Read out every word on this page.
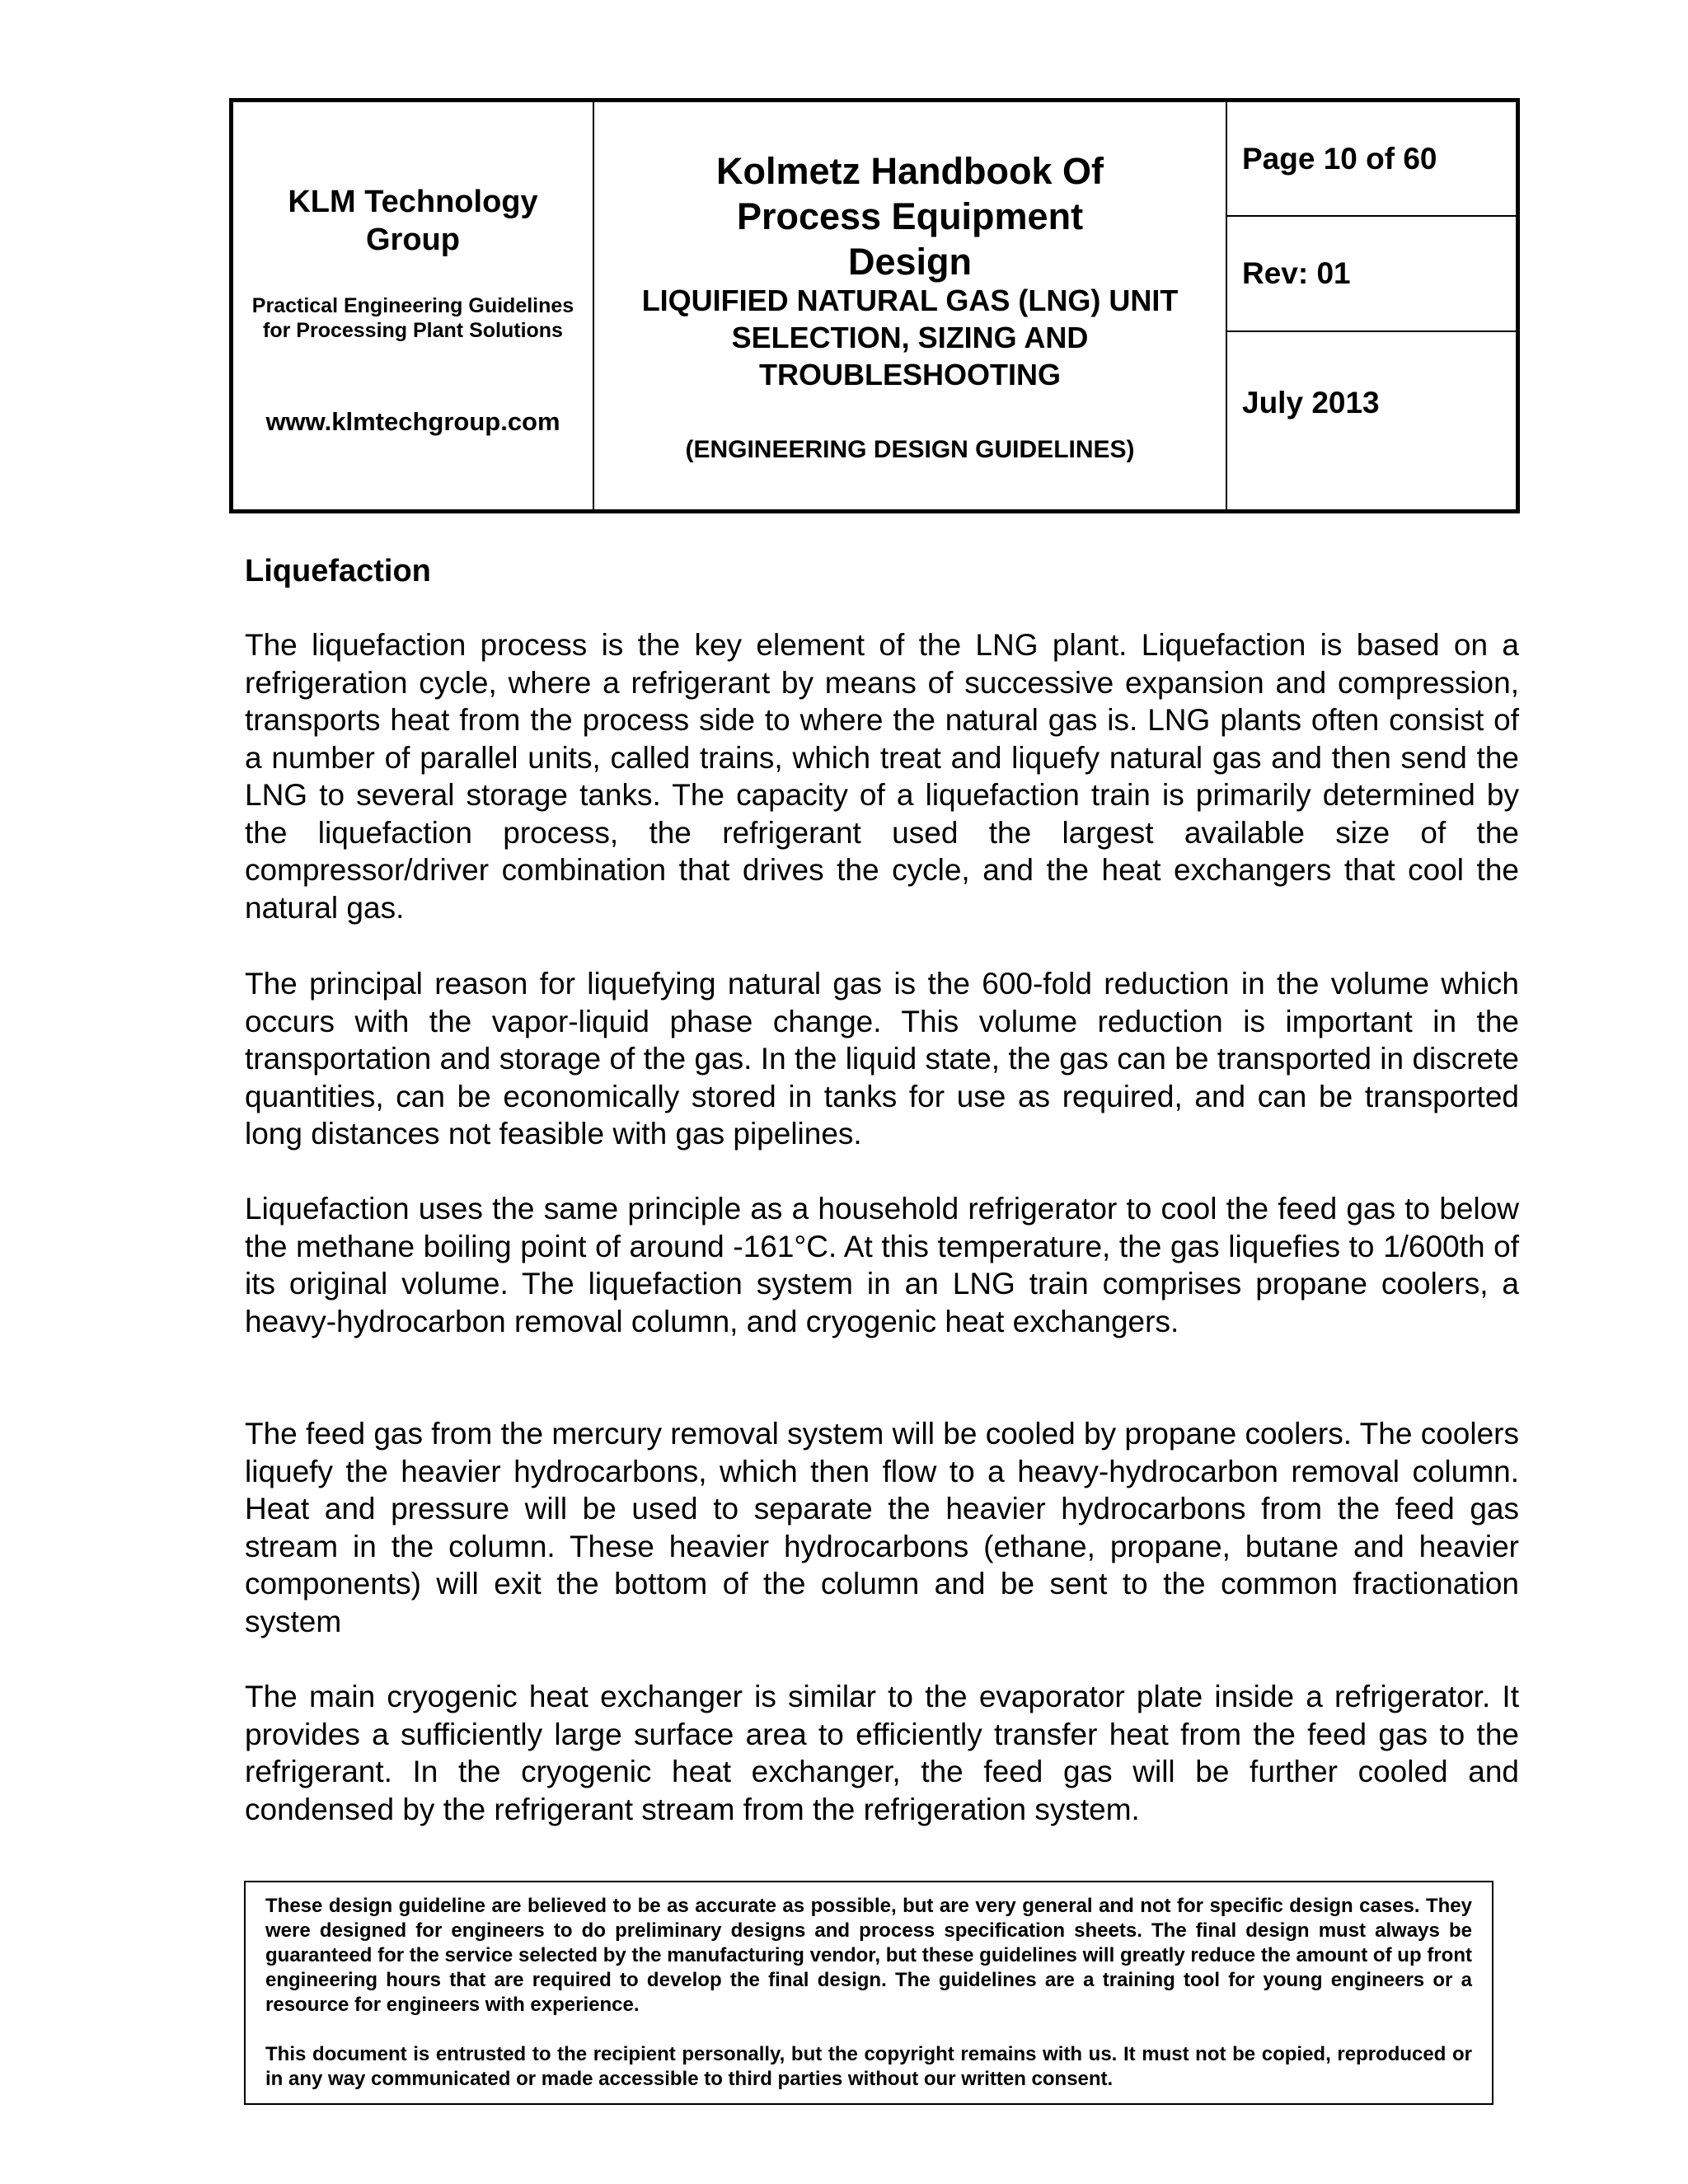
KLM Technology Group
Practical Engineering Guidelines for Processing Plant Solutions
www.klmtechgroup.com
Kolmetz Handbook Of Process Equipment Design
LIQUIFIED NATURAL GAS (LNG) UNIT SELECTION, SIZING AND TROUBLESHOOTING
(ENGINEERING DESIGN GUIDELINES)
Page 10 of 60
Rev: 01
July 2013
Liquefaction

The liquefaction process is the key element of the LNG plant. Liquefaction is based on a refrigeration cycle, where a refrigerant by means of successive expansion and compression, transports heat from the process side to where the natural gas is. LNG plants often consist of a number of parallel units, called trains, which treat and liquefy natural gas and then send the LNG to several storage tanks. The capacity of a liquefaction train is primarily determined by the liquefaction process, the refrigerant used the largest available size of the compressor/driver combination that drives the cycle, and the heat exchangers that cool the natural gas.

The principal reason for liquefying natural gas is the 600-fold reduction in the volume which occurs with the vapor-liquid phase change. This volume reduction is important in the transportation and storage of the gas. In the liquid state, the gas can be transported in discrete quantities, can be economically stored in tanks for use as required, and can be transported long distances not feasible with gas pipelines.

Liquefaction uses the same principle as a household refrigerator to cool the feed gas to below the methane boiling point of around -161°C. At this temperature, the gas liquefies to 1/600th of its original volume. The liquefaction system in an LNG train comprises propane coolers, a heavy-hydrocarbon removal column, and cryogenic heat exchangers.

The feed gas from the mercury removal system will be cooled by propane coolers. The coolers liquefy the heavier hydrocarbons, which then flow to a heavy-hydrocarbon removal column. Heat and pressure will be used to separate the heavier hydrocarbons from the feed gas stream in the column. These heavier hydrocarbons (ethane, propane, butane and heavier components) will exit the bottom of the column and be sent to the common fractionation system

The main cryogenic heat exchanger is similar to the evaporator plate inside a refrigerator. It provides a sufficiently large surface area to efficiently transfer heat from the feed gas to the refrigerant. In the cryogenic heat exchanger, the feed gas will be further cooled and condensed by the refrigerant stream from the refrigeration system.

These design guideline are believed to be as accurate as possible, but are very general and not for specific design cases. They were designed for engineers to do preliminary designs and process specification sheets. The final design must always be guaranteed for the service selected by the manufacturing vendor, but these guidelines will greatly reduce the amount of up front engineering hours that are required to develop the final design. The guidelines are a training tool for young engineers or a resource for engineers with experience.

This document is entrusted to the recipient personally, but the copyright remains with us. It must not be copied, reproduced or in any way communicated or made accessible to third parties without our written consent.
